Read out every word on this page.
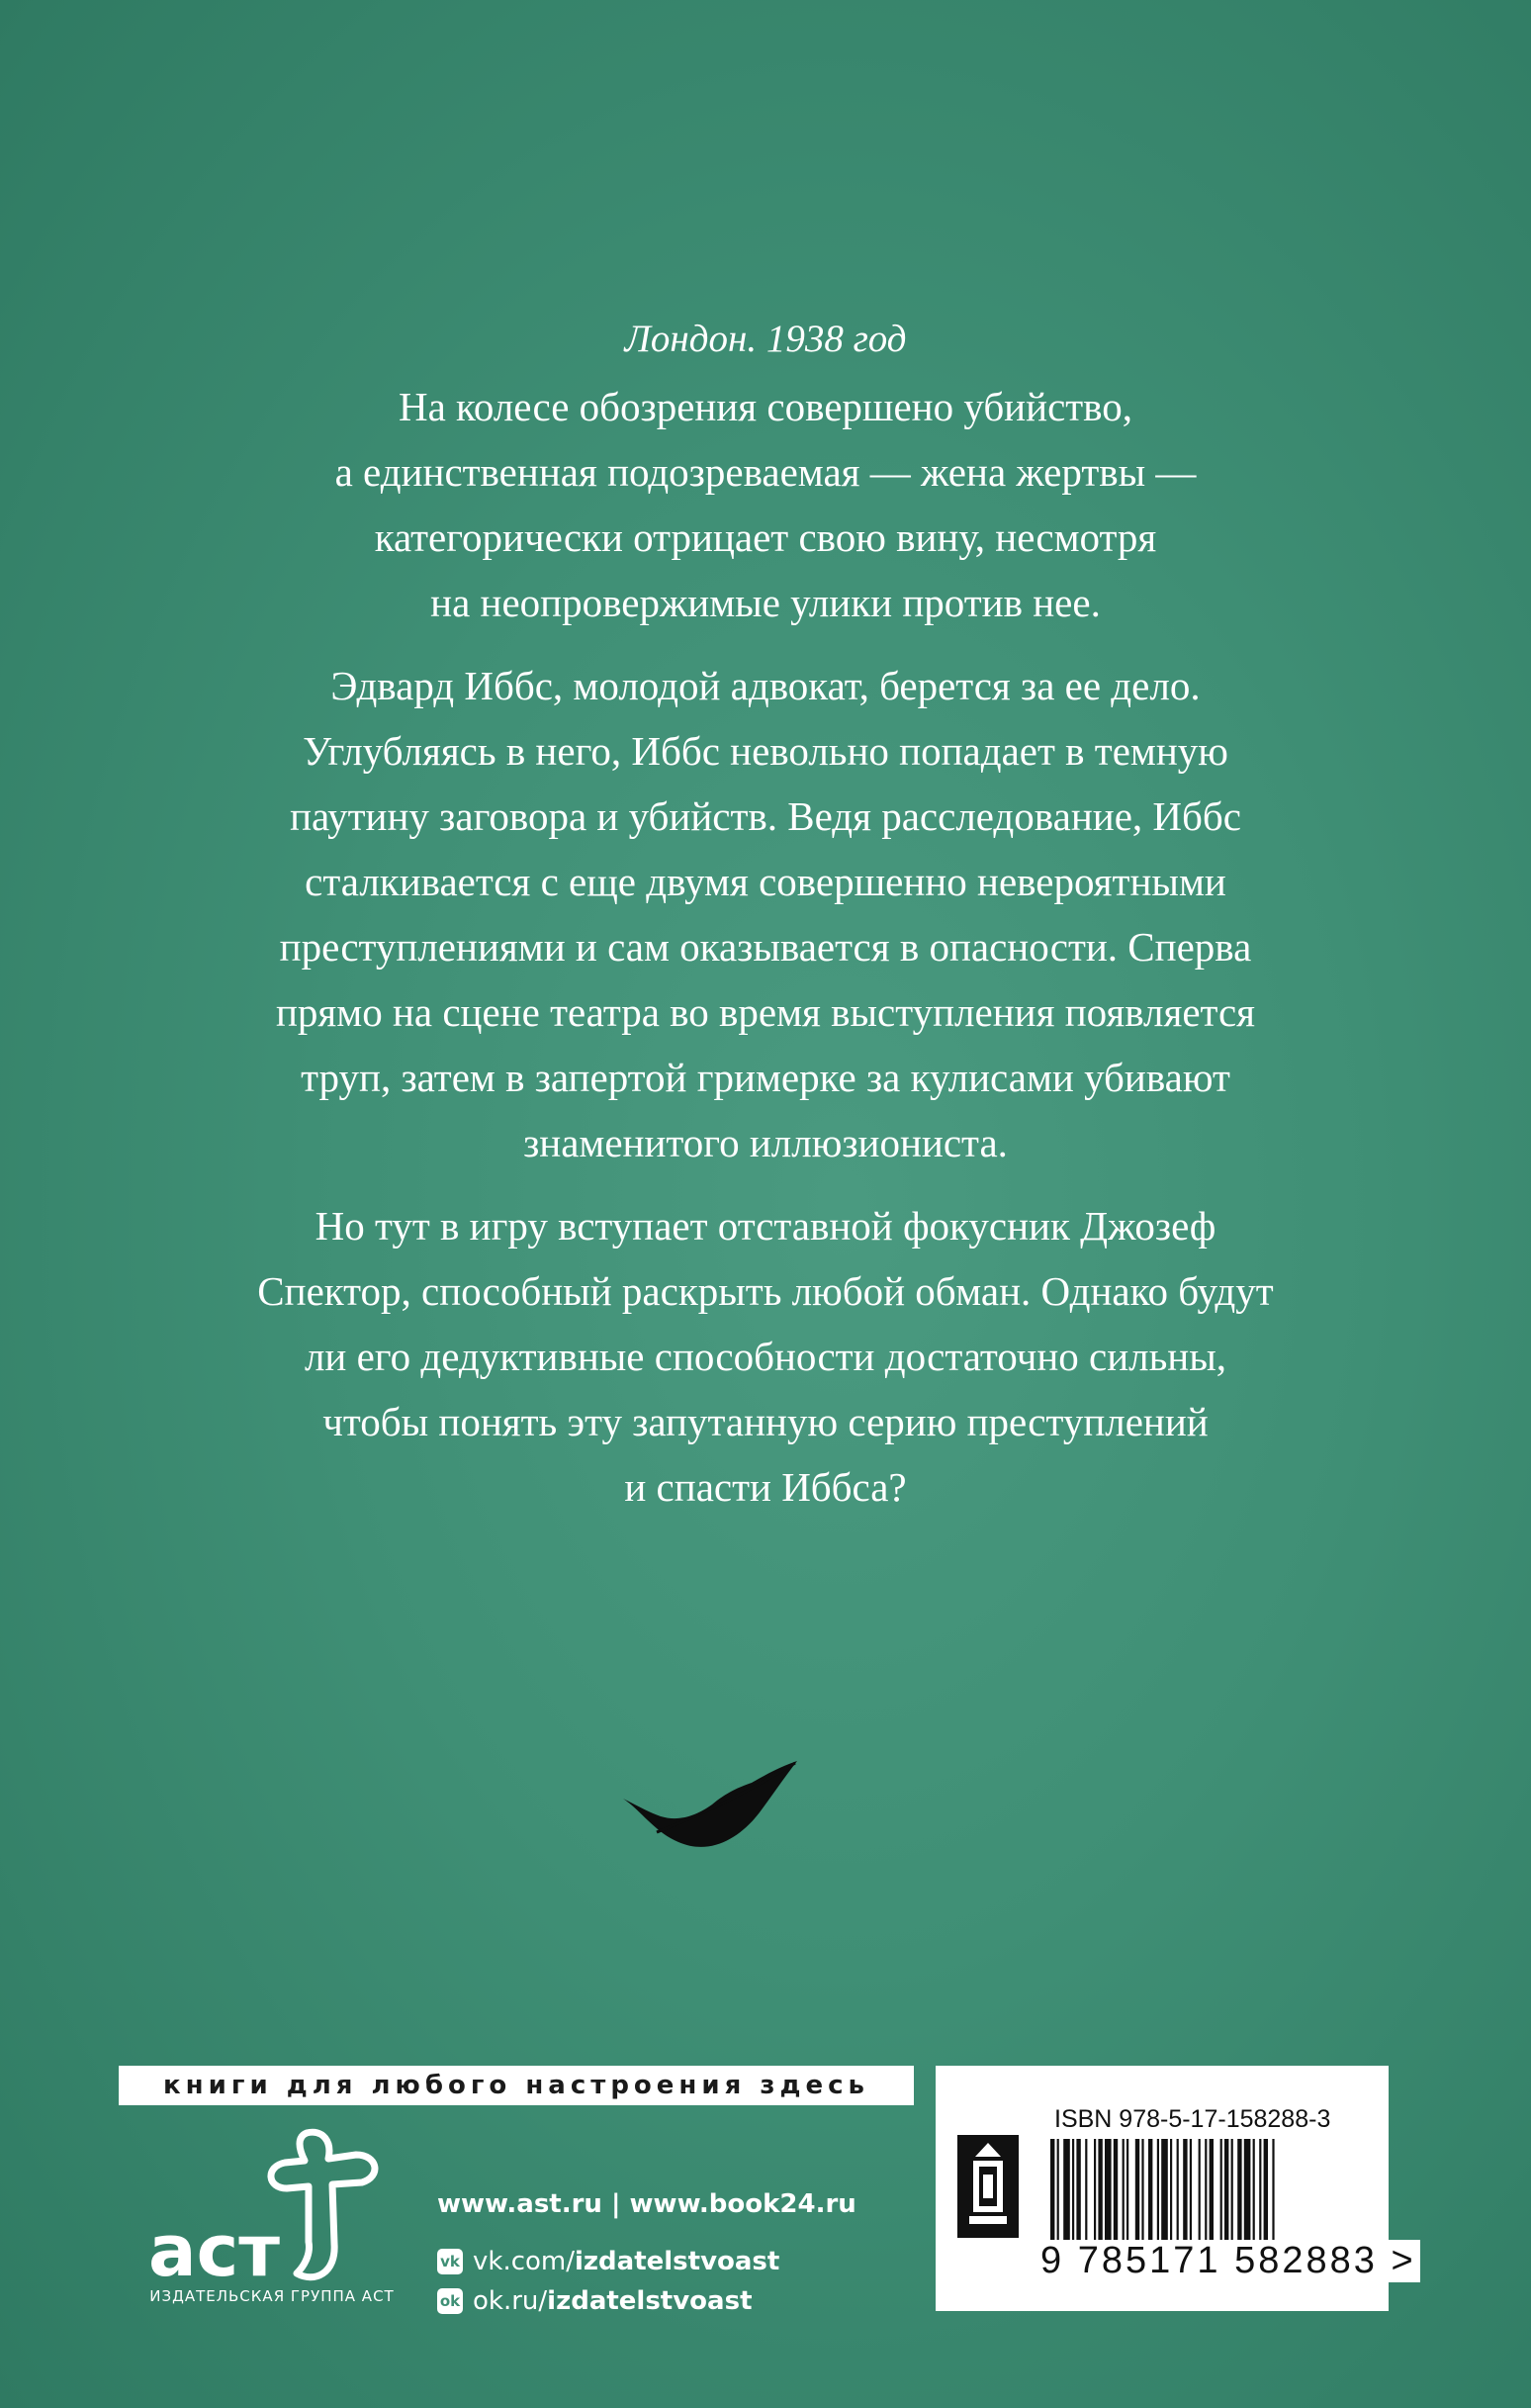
Лондон. 1938 год

На колесе обозрения совершено убийство,
а единственная подозреваемая — жена жертвы —
категорически отрицает свою вину, несмотря
на неопровержимые улики против нее.

Эдвард Иббс, молодой адвокат, берется за ее дело.
Углубляясь в него, Иббс невольно попадает в темную
паутину заговора и убийств. Ведя расследование, Иббс
сталкивается с еще двумя совершенно невероятными
преступлениями и сам оказывается в опасности. Сперва
прямо на сцене театра во время выступления появляется
труп, затем в запертой гримерке за кулисами убивают
знаменитого иллюзиониста.

Но тут в игру вступает отставной фокусник Джозеф
Спектор, способный раскрыть любой обман. Однако будут
ли его дедуктивные способности достаточно сильны,
чтобы понять эту запутанную серию преступлений
и спасти Иббса?

книги для любого настроения здесь
аст
ИЗДАТЕЛЬСКАЯ ГРУППА АСТ
www.ast.ru | www.book24.ru
vk vk.com/ izdatelstvoast
ok ok.ru/ izdatelstvoast
ISBN 978-5-17-158288-3
9 785171 582883 >
